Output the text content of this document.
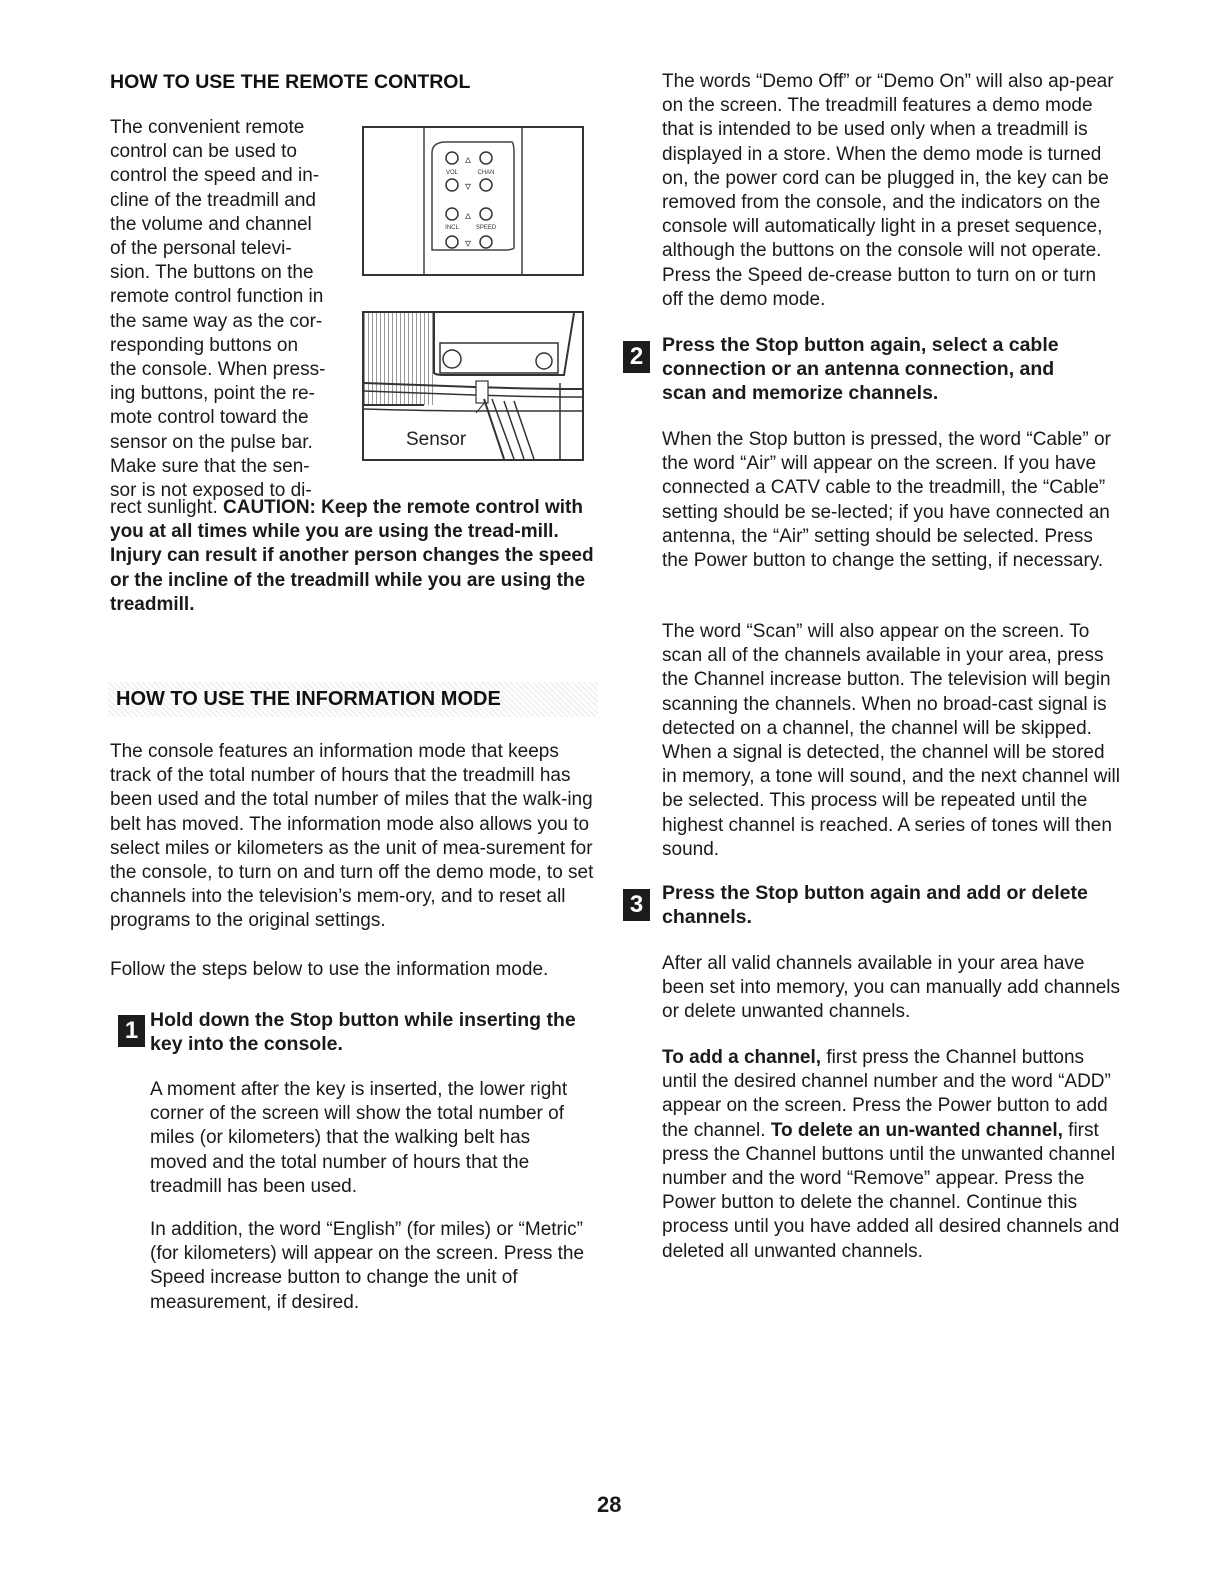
HOW TO USE THE REMOTE CONTROL
The convenient remote
control can be used to
control the speed and in-
cline of the treadmill and
the volume and channel
of the personal televi-
sion. The buttons on the
remote control function in
the same way as the cor-
responding buttons on
the console. When press-
ing buttons, point the re-
mote control toward the
sensor on the pulse bar.
Make sure that the sen-
sor is not exposed to di-
▵
VOL	CHAN
▿
▵
INCL	SPEED
▿
Sensor

rect sunlight. CAUTION: Keep the remote control with you at all times while you are using the tread-mill. Injury can result if another person changes the speed or the incline of the treadmill while you are using the treadmill.

HOW TO USE THE INFORMATION MODE

The console features an information mode that keeps track of the total number of hours that the treadmill has been used and the total number of miles that the walk-ing belt has moved. The information mode also allows you to select miles or kilometers as the unit of mea-surement for the console, to turn on and turn off the demo mode, to set channels into the television’s mem-ory, and to reset all programs to the original settings.

Follow the steps below to use the information mode.

1 Hold down the Stop button while inserting the key into the console.

A moment after the key is inserted, the lower right corner of the screen will show the total number of miles (or kilometers) that the walking belt has moved and the total number of hours that the treadmill has been used.

In addition, the word “English” (for miles) or “Metric” (for kilometers) will appear on the screen. Press the Speed increase button to change the unit of measurement, if desired.

The words “Demo Off” or “Demo On” will also ap-pear on the screen. The treadmill features a demo mode that is intended to be used only when a treadmill is displayed in a store. When the demo mode is turned on, the power cord can be plugged in, the key can be removed from the console, and the indicators on the console will automatically light in a preset sequence, although the buttons on the console will not operate. Press the Speed de-crease button to turn on or turn off the demo mode.

2 Press the Stop button again, select a cable connection or an antenna connection, and scan and memorize channels.

When the Stop button is pressed, the word “Cable” or the word “Air” will appear on the screen. If you have connected a CATV cable to the treadmill, the “Cable” setting should be se-lected; if you have connected an antenna, the “Air” setting should be selected. Press the Power button to change the setting, if necessary.

The word “Scan” will also appear on the screen. To scan all of the channels available in your area, press the Channel increase button. The television will begin scanning the channels. When no broad-cast signal is detected on a channel, the channel will be skipped. When a signal is detected, the channel will be stored in memory, a tone will sound, and the next channel will be selected. This process will be repeated until the highest channel is reached. A series of tones will then sound.

3 Press the Stop button again and add or delete channels.

After all valid channels available in your area have been set into memory, you can manually add channels or delete unwanted channels.

To add a channel, first press the Channel buttons until the desired channel number and the word “ADD” appear on the screen. Press the Power button to add the channel. To delete an un-wanted channel, first press the Channel buttons until the unwanted channel number and the word “Remove” appear. Press the Power button to delete the channel. Continue this process until you have added all desired channels and deleted all unwanted channels.

28
